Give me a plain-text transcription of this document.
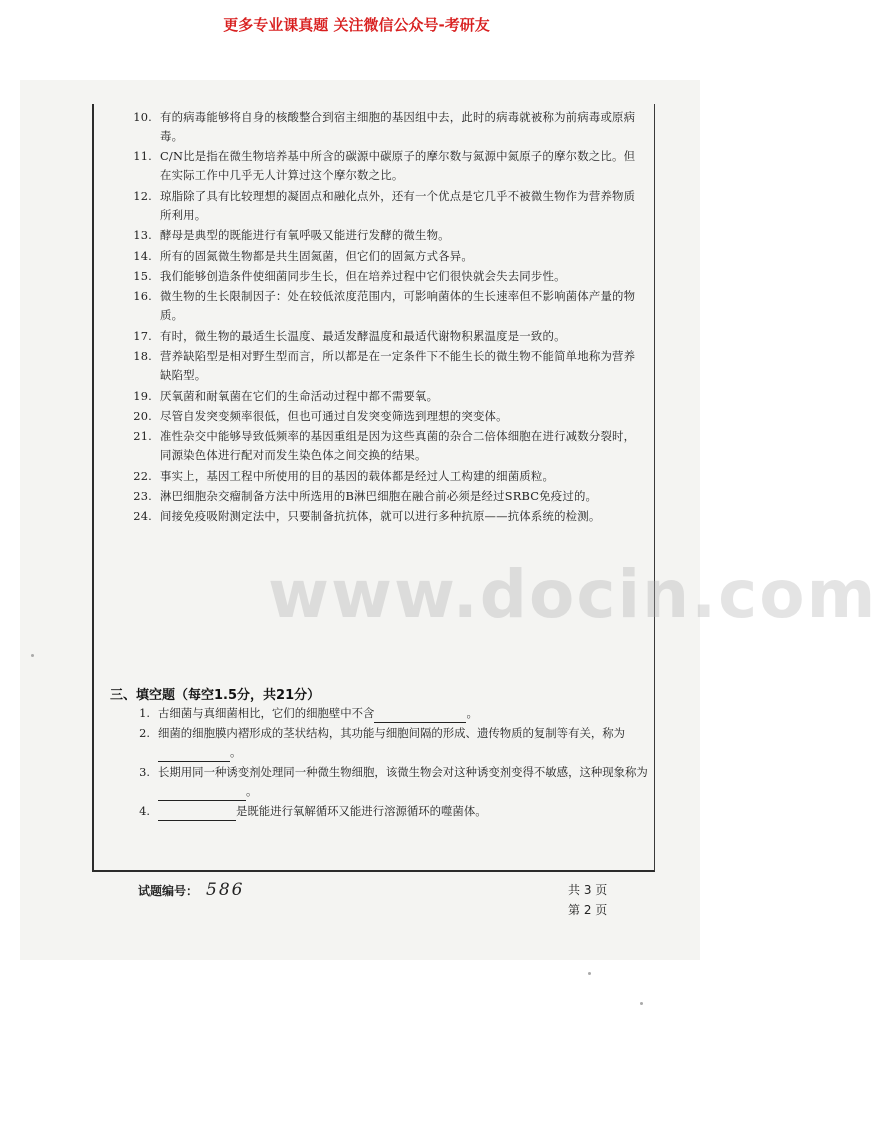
更多专业课真题 关注微信公众号-考研友
www.docin.com
10. 有的病毒能够将自身的核酸整合到宿主细胞的基因组中去，此时的病毒就被称为前病毒或原病毒。
11. C/N比是指在微生物培养基中所含的碳源中碳原子的摩尔数与氮源中氮原子的摩尔数之比。但在实际工作中几乎无人计算过这个摩尔数之比。
12. 琼脂除了具有比较理想的凝固点和融化点外，还有一个优点是它几乎不被微生物作为营养物质所利用。
13. 酵母是典型的既能进行有氧呼吸又能进行发酵的微生物。
14. 所有的固氮微生物都是共生固氮菌，但它们的固氮方式各异。
15. 我们能够创造条件使细菌同步生长，但在培养过程中它们很快就会失去同步性。
16. 微生物的生长限制因子：处在较低浓度范围内，可影响菌体的生长速率但不影响菌体产量的物质。
17. 有时，微生物的最适生长温度、最适发酵温度和最适代谢物积累温度是一致的。
18. 营养缺陷型是相对野生型而言，所以都是在一定条件下不能生长的微生物不能简单地称为营养缺陷型。
19. 厌氧菌和耐氧菌在它们的生命活动过程中都不需要氧。
20. 尽管自发突变频率很低，但也可通过自发突变筛选到理想的突变体。
21. 准性杂交中能够导致低频率的基因重组是因为这些真菌的杂合二倍体细胞在进行减数分裂时，同源染色体进行配对而发生染色体之间交换的结果。
22. 事实上，基因工程中所使用的目的基因的载体都是经过人工构建的细菌质粒。
23. 淋巴细胞杂交瘤制备方法中所选用的B淋巴细胞在融合前必须是经过SRBC免疫过的。
24. 间接免疫吸附测定法中，只要制备抗抗体，就可以进行多种抗原——抗体系统的检测。
三、填空题（每空1.5分，共21分）
1. 古细菌与真细菌相比，它们的细胞壁中不含	。
2. 细菌的细胞膜内褶形成的茎状结构，其功能与细胞间隔的形成、遗传物质的复制等有关，称为。
3. 长期用同一种诱变剂处理同一种微生物细胞，该微生物会对这种诱变剂变得不敏感，这种现象称为。
4.	是既能进行氧解循环又能进行溶源循环的噬菌体。
试题编号： 586	共 3 页
第 2 页
